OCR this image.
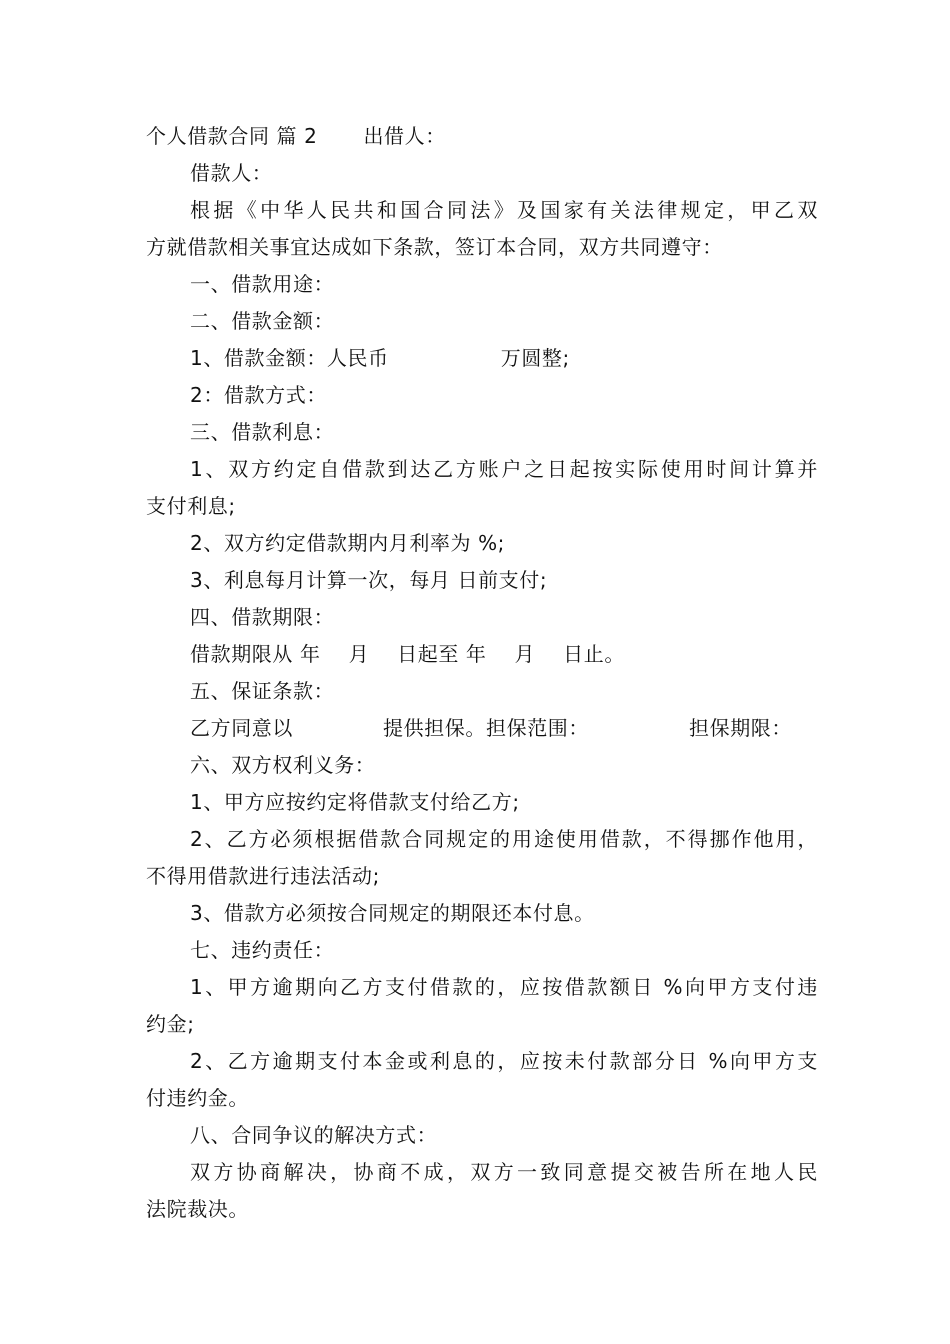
个人借款合同 篇 2 出借人：
借款人：
根据《中华人民共和国合同法》及国家有关法律规定，甲乙双
方就借款相关事宜达成如下条款，签订本合同，双方共同遵守：
一、借款用途：
二、借款金额：
1、借款金额：人民币	万圆整;
2：借款方式：
三、借款利息：
1、双方约定自借款到达乙方账户之日起按实际使用时间计算并
支付利息;
2、双方约定借款期内月利率为 %;
3、利息每月计算一次，每月 日前支付;
四、借款期限：
借款期限从 年 月 日起至 年 月 日止。
五、保证条款：
乙方同意以	提供担保。担保范围：	担保期限：
六、双方权利义务：
1、甲方应按约定将借款支付给乙方;
2、乙方必须根据借款合同规定的用途使用借款，不得挪作他用，
不得用借款进行违法活动;
3、借款方必须按合同规定的期限还本付息。
七、违约责任：
1、甲方逾期向乙方支付借款的，应按借款额日 %向甲方支付违
约金;
2、乙方逾期支付本金或利息的，应按未付款部分日 %向甲方支
付违约金。
八、合同争议的解决方式：
双方协商解决，协商不成，双方一致同意提交被告所在地人民
法院裁决。
